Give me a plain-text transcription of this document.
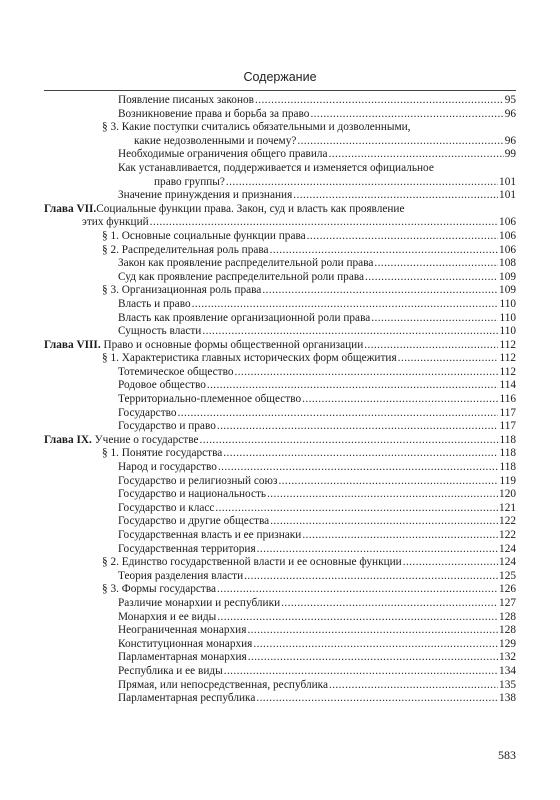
Содержание
Появление писаных законов .....	95
Возникновение права и борьба за право .....	96
§ 3. Какие поступки считались обязательными и дозволенными,
какие недозволенными и почему? .....	96
Необходимые ограничения общего правила .....	99
Как устанавливается, поддерживается и изменяется официальное
право группы? .....	101
Значение принуждения и признания .....	101
Глава VII. Социальные функции права. Закон, суд и власть как проявление
этих функций .....	106
§ 1. Основные социальные функции права .....	106
§ 2. Распределительная роль права .....	106
Закон как проявление распределительной роли права .....	108
Суд как проявление распределительной роли права .....	109
§ 3. Организационная роль права .....	109
Власть и право .....	110
Власть как проявление организационной роли права .....	110
Сущность власти .....	110
Глава VIII. Право и основные формы общественной организации .....	112
§ 1. Характеристика главных исторических форм общежития .....	112
Тотемическое общество .....	112
Родовое общество .....	114
Территориально-племенное общество .....	116
Государство .....	117
Государство и право .....	117
Глава IX. Учение о государстве .....	118
§ 1. Понятие государства .....	118
Народ и государство .....	118
Государство и религиозный союз .....	119
Государство и национальность .....	120
Государство и класс .....	121
Государство и другие общества .....	122
Государственная власть и ее признаки .....	122
Государственная территория .....	124
§ 2. Единство государственной власти и ее основные функции .....	124
Теория разделения власти .....	125
§ 3. Формы государства .....	126
Различие монархии и республики .....	127
Монархия и ее виды .....	128
Неограниченная монархия .....	128
Конституционная монархия .....	129
Парламентарная монархия .....	132
Республика и ее виды .....	134
Прямая, или непосредственная, республика .....	135
Парламентарная республика .....	138
583
